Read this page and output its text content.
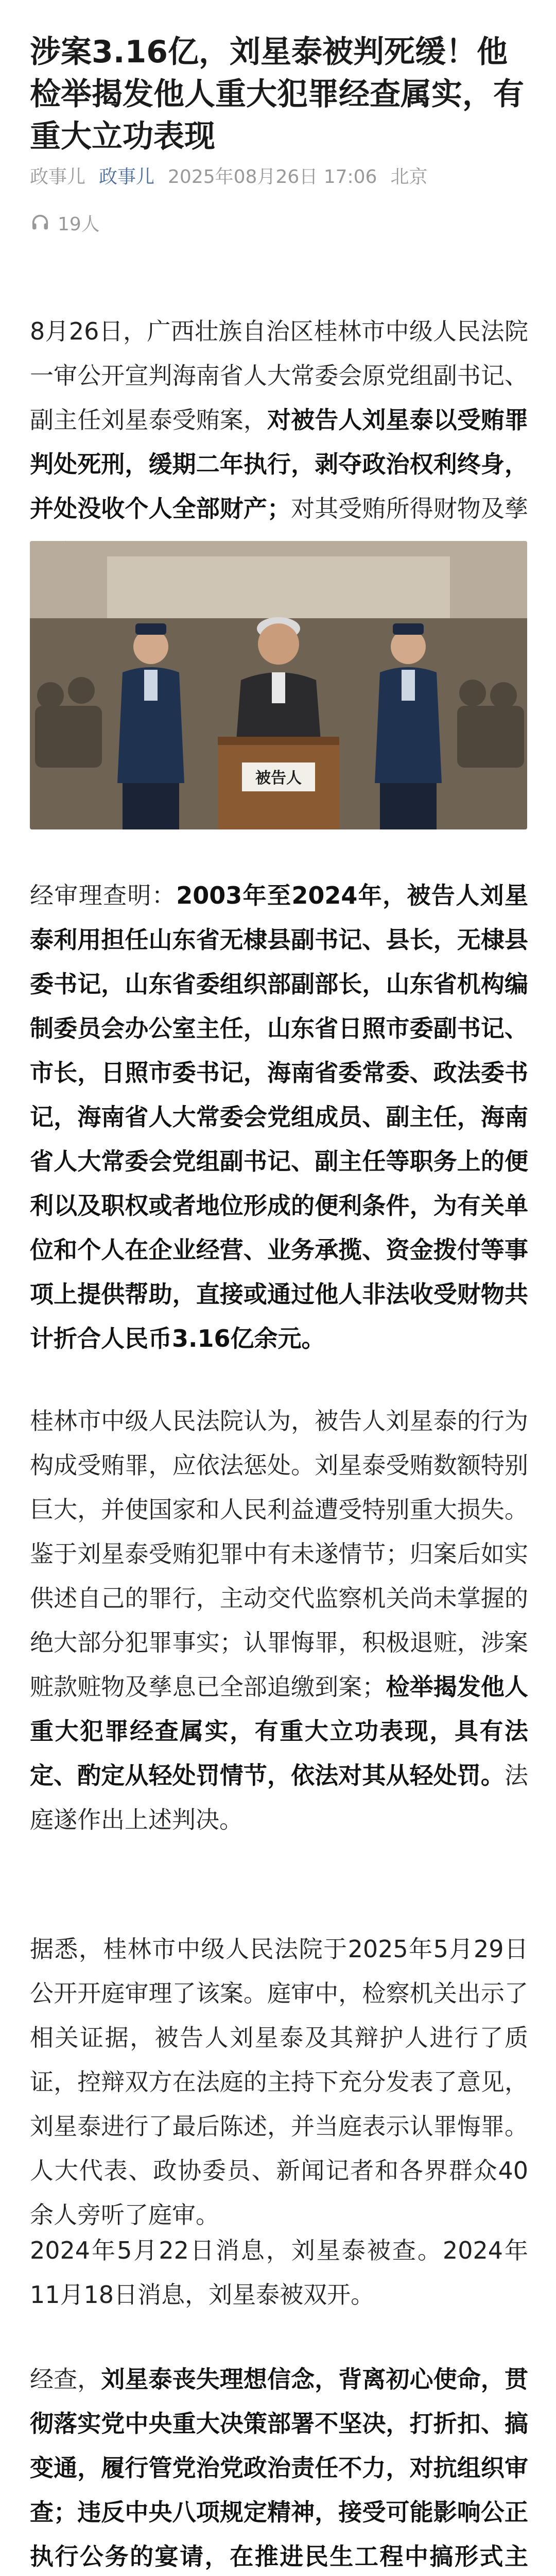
涉案3.16亿，刘星泰被判死缓！他检举揭发他人重大犯罪经查属实，有重大立功表现
政事儿 政事儿 2025年08月26日 17:06 北京
19人
8月26日，广西壮族自治区桂林市中级人民法院一审公开宣判海南省人大常委会原党组副书记、副主任刘星泰受贿案，对被告人刘星泰以受贿罪判处死刑，缓期二年执行，剥夺政治权利终身，并处没收个人全部财产；对其受贿所得财物及孳
被告人
经审理查明：2003年至2024年，被告人刘星泰利用担任山东省无棣县副书记、县长，无棣县委书记，山东省委组织部副部长，山东省机构编制委员会办公室主任，山东省日照市委副书记、市长，日照市委书记，海南省委常委、政法委书记，海南省人大常委会党组成员、副主任，海南省人大常委会党组副书记、副主任等职务上的便利以及职权或者地位形成的便利条件，为有关单位和个人在企业经营、业务承揽、资金拨付等事项上提供帮助，直接或通过他人非法收受财物共计折合人民币3.16亿余元。
桂林市中级人民法院认为，被告人刘星泰的行为构成受贿罪，应依法惩处。刘星泰受贿数额特别巨大，并使国家和人民利益遭受特别重大损失。鉴于刘星泰受贿犯罪中有未遂情节；归案后如实供述自己的罪行，主动交代监察机关尚未掌握的绝大部分犯罪事实；认罪悔罪，积极退赃，涉案赃款赃物及孳息已全部追缴到案；检举揭发他人重大犯罪经查属实，有重大立功表现，具有法定、酌定从轻处罚情节，依法对其从轻处罚。法庭遂作出上述判决。
据悉，桂林市中级人民法院于2025年5月29日公开开庭审理了该案。庭审中，检察机关出示了相关证据，被告人刘星泰及其辩护人进行了质证，控辩双方在法庭的主持下充分发表了意见，刘星泰进行了最后陈述，并当庭表示认罪悔罪。人大代表、政协委员、新闻记者和各界群众40余人旁听了庭审。
2024年5月22日消息，刘星泰被查。2024年11月18日消息，刘星泰被双开。
经查，刘星泰丧失理想信念，背离初心使命，贯彻落实党中央重大决策部署不坚决，打折扣、搞变通，履行管党治党政治责任不力，对抗组织审查；违反中央八项规定精神，接受可能影响公正执行公务的宴请，在推进民生工程中搞形式主
